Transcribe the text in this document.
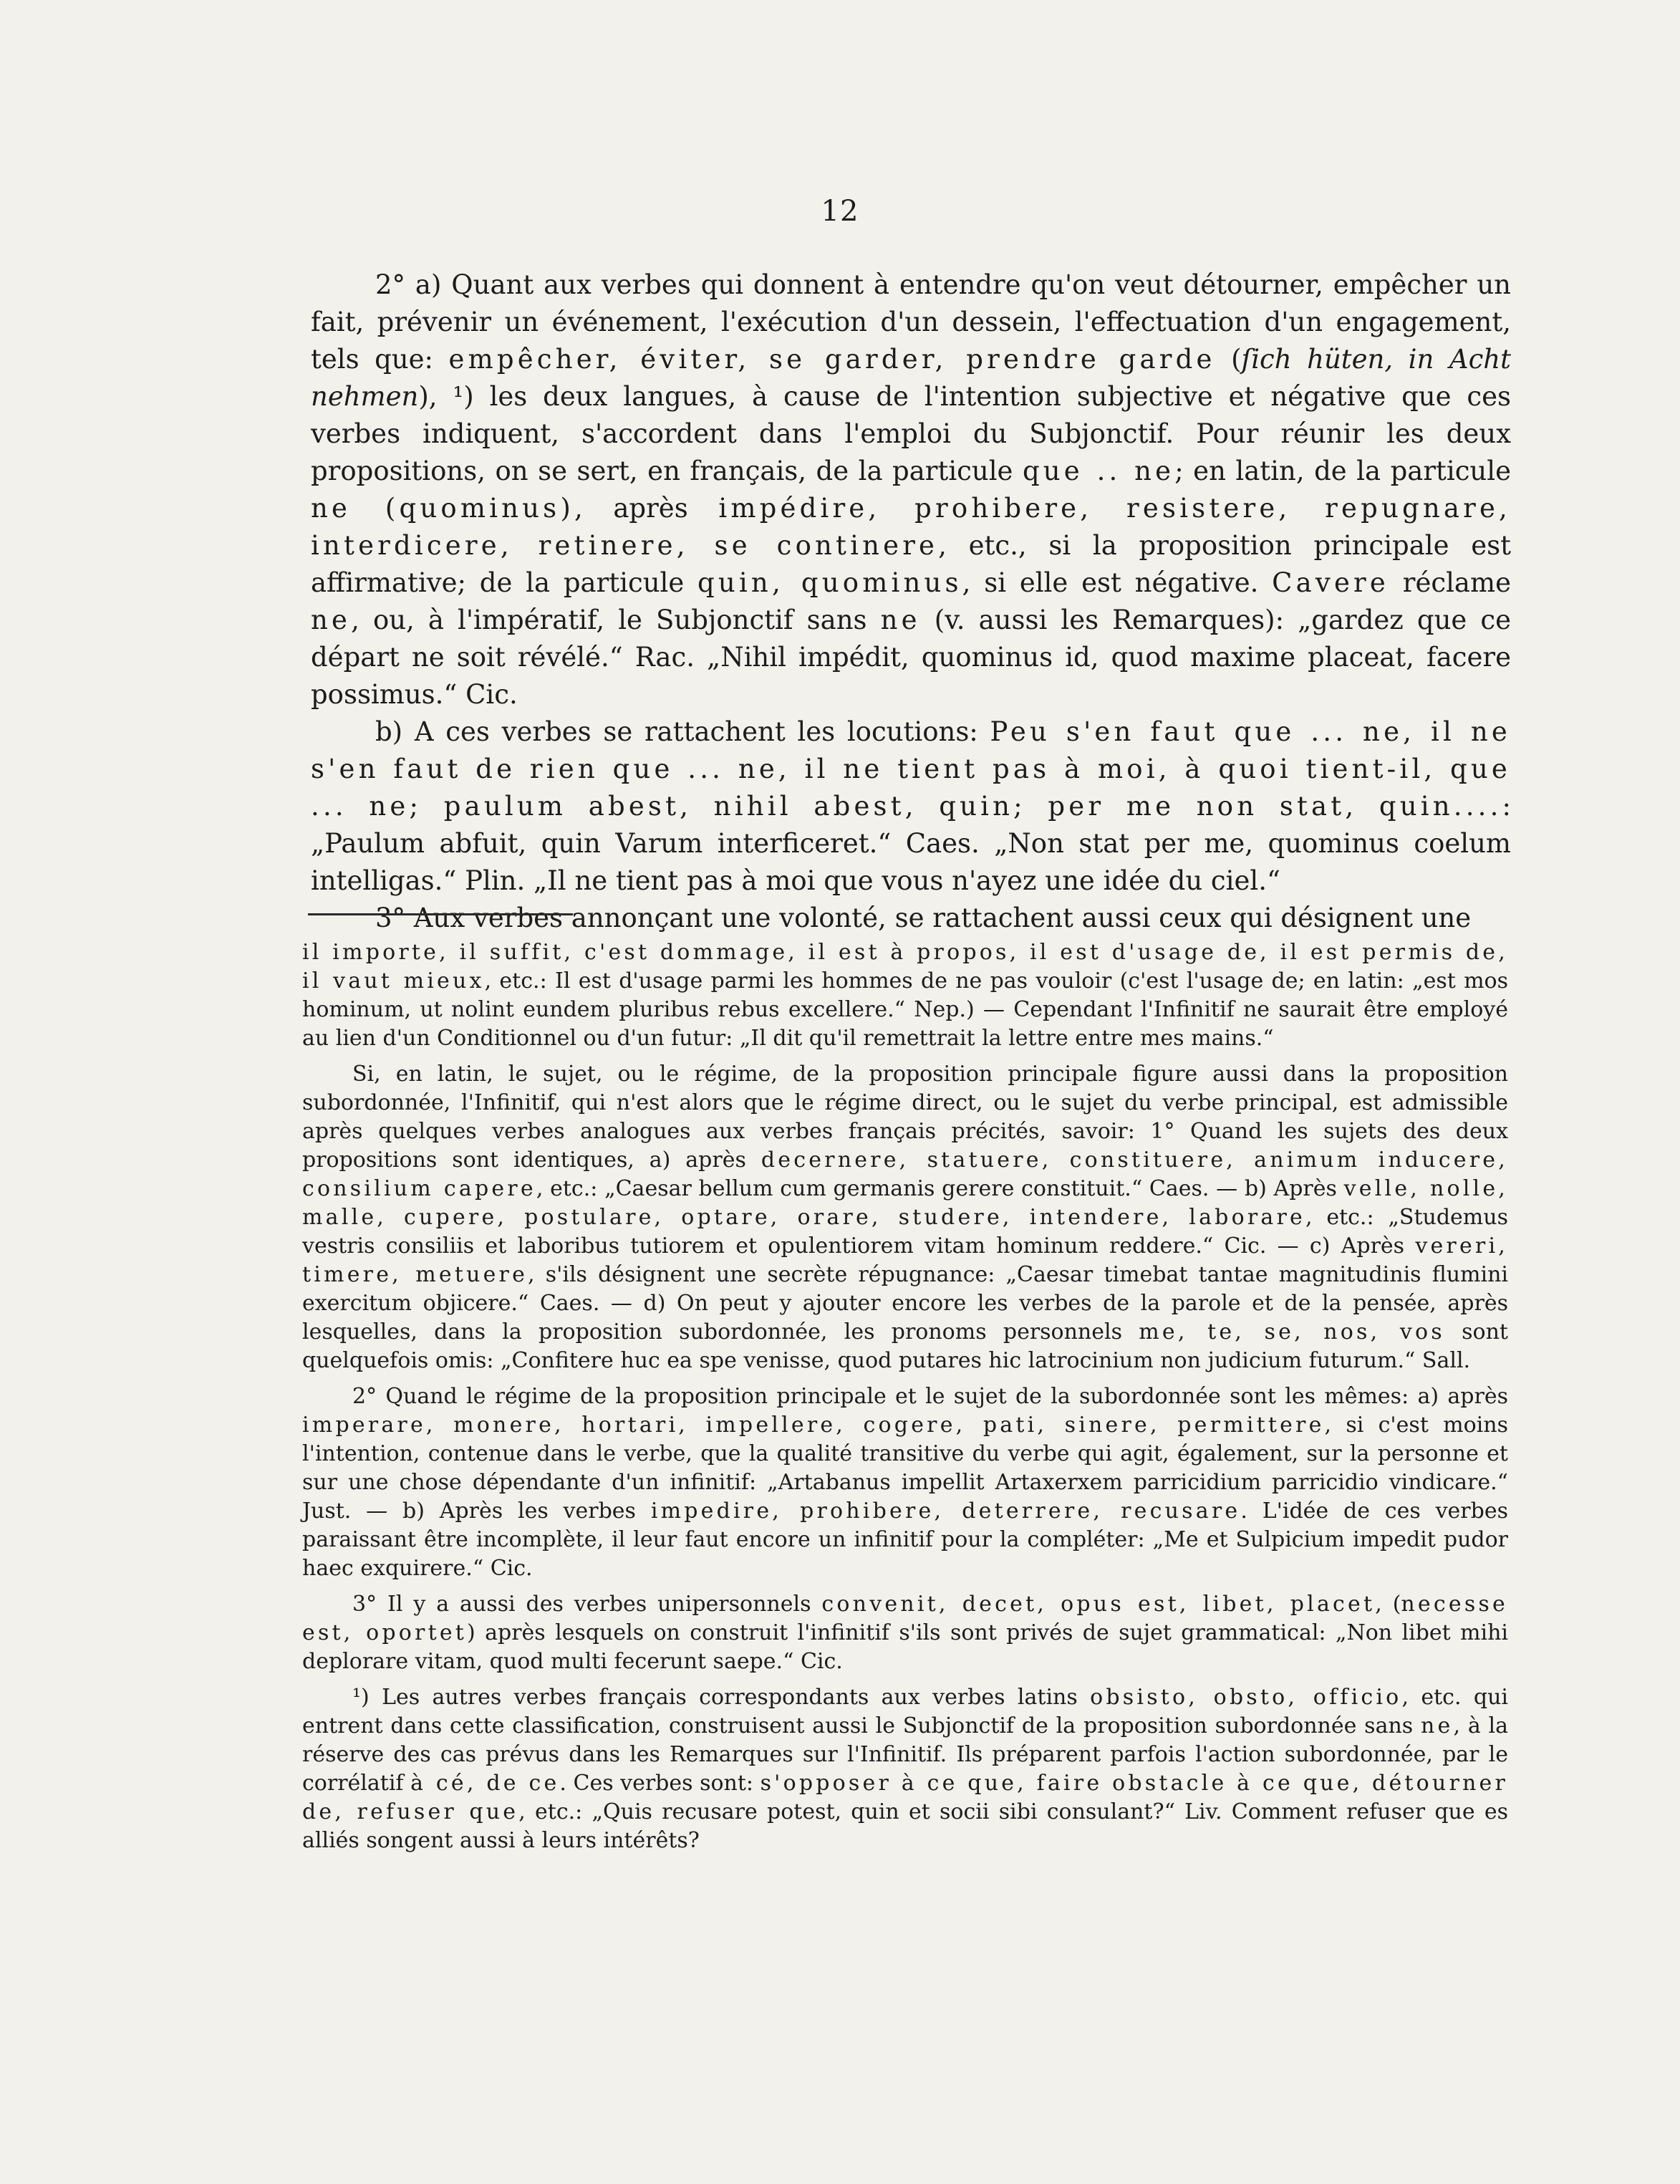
12

2° a) Quant aux verbes qui donnent à entendre qu'on veut détourner, empêcher un fait, prévenir un événement, l'exécution d'un dessein, l'effectuation d'un engagement, tels que: empêcher, éviter, se garder, prendre garde (ſich hüten, in Acht nehmen), ¹) les deux langues, à cause de l'intention subjective et négative que ces verbes indiquent, s'accordent dans l'emploi du Subjonctif. Pour réunir les deux propositions, on se sert, en français, de la particule que .. ne; en latin, de la particule ne (quominus), après impédire, prohibere, resistere, repugnare, interdicere, retinere, se continere, etc., si la proposition principale est affirmative; de la particule quin, quominus, si elle est négative. Cavere réclame ne, ou, à l'impératif, le Subjonctif sans ne (v. aussi les Remarques): „gardez que ce départ ne soit révélé.“ Rac. „Nihil impédit, quominus id, quod maxime placeat, facere possimus.“ Cic.

b) A ces verbes se rattachent les locutions: Peu s'en faut que ... ne, il ne s'en faut de rien que ... ne, il ne tient pas à moi, à quoi tient-il, que ... ne; paulum abest, nihil abest, quin; per me non stat, quin....: „Paulum abfuit, quin Varum interficeret.“ Caes. „Non stat per me, quominus coelum intelligas.“ Plin. „Il ne tient pas à moi que vous n'ayez une idée du ciel.“

3° Aux verbes annonçant une volonté, se rattachent aussi ceux qui désignent une

il importe, il suffit, c'est dommage, il est à propos, il est d'usage de, il est permis de, il vaut mieux, etc.: Il est d'usage parmi les hommes de ne pas vouloir (c'est l'usage de; en latin: „est mos hominum, ut nolint eundem pluribus rebus excellere.“ Nep.) — Cependant l'Infinitif ne saurait être employé au lien d'un Conditionnel ou d'un futur: „Il dit qu'il remettrait la lettre entre mes mains.“

Si, en latin, le sujet, ou le régime, de la proposition principale figure aussi dans la proposition subordonnée, l'Infinitif, qui n'est alors que le régime direct, ou le sujet du verbe principal, est admissible après quelques verbes analogues aux verbes français précités, savoir: 1° Quand les sujets des deux propositions sont identiques, a) après decernere, statuere, constituere, animum inducere, consilium capere, etc.: „Caesar bellum cum germanis gerere constituit.“ Caes. — b) Après velle, nolle, malle, cupere, postulare, optare, orare, studere, intendere, laborare, etc.: „Studemus vestris consiliis et laboribus tutiorem et opulentiorem vitam hominum reddere.“ Cic. — c) Après vereri, timere, metuere, s'ils désignent une secrète répugnance: „Caesar timebat tantae magnitudinis flumini exercitum objicere.“ Caes. — d) On peut y ajouter encore les verbes de la parole et de la pensée, après lesquelles, dans la proposition subordonnée, les pronoms personnels me, te, se, nos, vos sont quelquefois omis: „Confitere huc ea spe venisse, quod putares hic latrocinium non judicium futurum.“ Sall.

2° Quand le régime de la proposition principale et le sujet de la subordonnée sont les mêmes: a) après imperare, monere, hortari, impellere, cogere, pati, sinere, permittere, si c'est moins l'intention, contenue dans le verbe, que la qualité transitive du verbe qui agit, également, sur la personne et sur une chose dépendante d'un infinitif: „Artabanus impellit Artaxerxem parricidium parricidio vindicare.“ Just. — b) Après les verbes impedire, prohibere, deterrere, recusare. L'idée de ces verbes paraissant être incomplète, il leur faut encore un infinitif pour la compléter: „Me et Sulpicium impedit pudor haec exquirere.“ Cic.

3° Il y a aussi des verbes unipersonnels convenit, decet, opus est, libet, placet, (necesse est, oportet) après lesquels on construit l'infinitif s'ils sont privés de sujet grammatical: „Non libet mihi deplorare vitam, quod multi fecerunt saepe.“ Cic.

¹) Les autres verbes français correspondants aux verbes latins obsisto, obsto, officio, etc. qui entrent dans cette classification, construisent aussi le Subjonctif de la proposition subordonnée sans ne, à la réserve des cas prévus dans les Remarques sur l'Infinitif. Ils préparent parfois l'action subordonnée, par le corrélatif à cé, de ce. Ces verbes sont: s'opposer à ce que, faire obstacle à ce que, détourner de, refuser que, etc.: „Quis recusare potest, quin et socii sibi consulant?“ Liv. Comment refuser que es alliés songent aussi à leurs intérêts?
